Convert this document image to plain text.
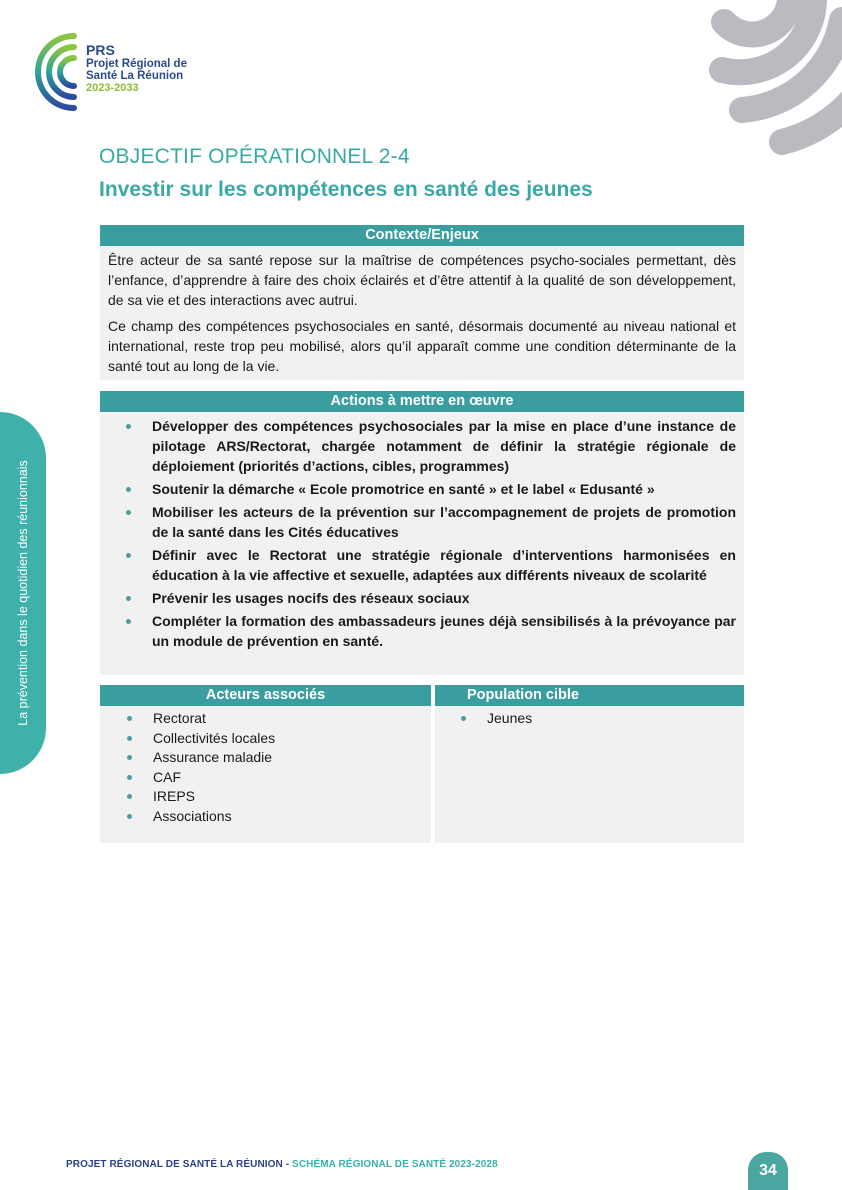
PRS
Projet Régional de
Santé La Réunion
2023-2033
OBJECTIF OPÉRATIONNEL 2-4
Investir sur les compétences en santé des jeunes
Contexte/Enjeux

Être acteur de sa santé repose sur la maîtrise de compétences psycho-sociales permettant, dès l’enfance, d’apprendre à faire des choix éclairés et d’être attentif à la qualité de son développement, de sa vie et des interactions avec autrui.

Ce champ des compétences psychosociales en santé, désormais documenté au niveau national et international, reste trop peu mobilisé, alors qu’il apparaît comme une condition déterminante de la santé tout au long de la vie.

Actions à mettre en œuvre
Développer des compétences psychosociales par la mise en place d’une instance de pilotage ARS/Rectorat, chargée notamment de définir la stratégie régionale de déploiement (priorités d’actions, cibles, programmes)
Soutenir la démarche « Ecole promotrice en santé » et le label « Edusanté »
Mobiliser les acteurs de la prévention sur l’accompagnement de projets de promotion de la santé dans les Cités éducatives
Définir avec le Rectorat une stratégie régionale d’interventions harmonisées en éducation à la vie affective et sexuelle, adaptées aux différents niveaux de scolarité
Prévenir les usages nocifs des réseaux sociaux
Compléter la formation des ambassadeurs jeunes déjà sensibilisés à la prévoyance par un module de prévention en santé.
Acteurs associés
Rectorat
Collectivités locales
Assurance maladie
CAF
IREPS
Associations
Population cible
Jeunes
La prévention dans le quotidien des réunionnais
PROJET RÉGIONAL DE SANTÉ LA RÉUNION - SCHÉMA RÉGIONAL DE SANTÉ 2023-2028	34
